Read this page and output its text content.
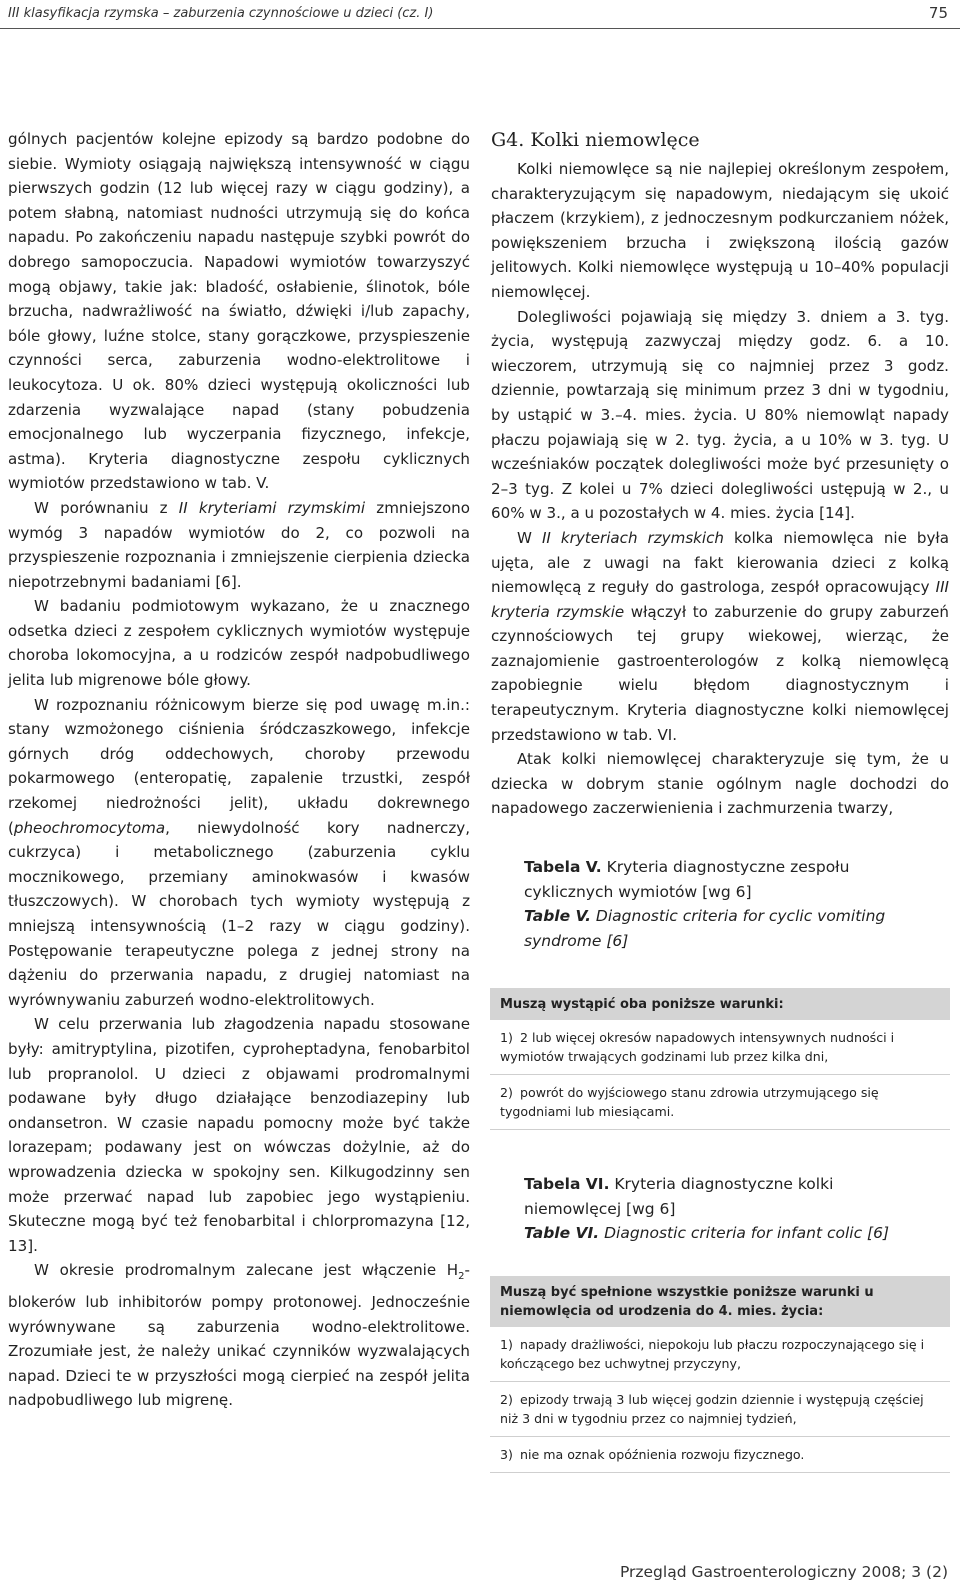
III klasyfikacja rzymska – zaburzenia czynnościowe u dzieci (cz. I)	75

gólnych pacjentów kolejne epizody są bardzo podobne do siebie. Wymioty osiągają największą intensywność w ciągu pierwszych godzin (12 lub więcej razy w ciągu godziny), a potem słabną, natomiast nudności utrzymują się do końca napadu. Po zakończeniu napadu następuje szybki powrót do dobrego samopoczucia. Napadowi wymiotów towarzyszyć mogą objawy, takie jak: bladość, osłabienie, ślinotok, bóle brzucha, nadwrażliwość na światło, dźwięki i/lub zapachy, bóle głowy, luźne stolce, stany gorączkowe, przyspieszenie czynności serca, zaburzenia wodno-elektrolitowe i leukocytoza. U ok. 80% dzieci występują okoliczności lub zdarzenia wyzwalające napad (stany pobudzenia emocjonalnego lub wyczerpania fizycznego, infekcje, astma). Kryteria diagnostyczne zespołu cyklicznych wymiotów przedstawiono w tab. V.

W porównaniu z II kryteriami rzymskimi zmniejszono wymóg 3 napadów wymiotów do 2, co pozwoli na przyspieszenie rozpoznania i zmniejszenie cierpienia dziecka niepotrzebnymi badaniami [6].

W badaniu podmiotowym wykazano, że u znacznego odsetka dzieci z zespołem cyklicznych wymiotów występuje choroba lokomocyjna, a u rodziców zespół nadpobudliwego jelita lub migrenowe bóle głowy.

W rozpoznaniu różnicowym bierze się pod uwagę m.in.: stany wzmożonego ciśnienia śródczaszkowego, infekcje górnych dróg oddechowych, choroby przewodu pokarmowego (enteropatię, zapalenie trzustki, zespół rzekomej niedrożności jelit), układu dokrewnego (pheochromocytoma, niewydolność kory nadnerczy, cukrzyca) i metabolicznego (zaburzenia cyklu mocznikowego, przemiany aminokwasów i kwasów tłuszczowych). W chorobach tych wymioty występują z mniejszą intensywnością (1–2 razy w ciągu godziny). Postępowanie terapeutyczne polega z jednej strony na dążeniu do przerwania napadu, z drugiej natomiast na wyrównywaniu zaburzeń wodno-elektrolitowych.

W celu przerwania lub złagodzenia napadu stosowane były: amitryptylina, pizotifen, cyproheptadyna, fenobarbitol lub propranolol. U dzieci z objawami prodromalnymi podawane były długo działające benzodiazepiny lub ondansetron. W czasie napadu pomocny może być także lorazepam; podawany jest on wówczas dożylnie, aż do wprowadzenia dziecka w spokojny sen. Kilkugodzinny sen może przerwać napad lub zapobiec jego wystąpieniu. Skuteczne mogą być też fenobarbital i chlorpromazyna [12, 13].

W okresie prodromalnym zalecane jest włączenie $H_2$-blokerów lub inhibitorów pompy protonowej. Jednocześnie wyrównywane są zaburzenia wodno-elektrolitowe. Zrozumiałe jest, że należy unikać czynników wyzwalających napad. Dzieci te w przyszłości mogą cierpieć na zespół jelita nadpobudliwego lub migrenę.

G4. Kolki niemowlęce

Kolki niemowlęce są nie najlepiej określonym zespołem, charakteryzującym się napadowym, niedającym się ukoić płaczem (krzykiem), z jednoczesnym podkurczaniem nóżek, powiększeniem brzucha i zwiększoną ilością gazów jelitowych. Kolki niemowlęce występują u 10–40% populacji niemowlęcej.

Dolegliwości pojawiają się między 3. dniem a 3. tyg. życia, występują zazwyczaj między godz. 6. a 10. wieczorem, utrzymują się co najmniej przez 3 godz. dziennie, powtarzają się minimum przez 3 dni w tygodniu, by ustąpić w 3.–4. mies. życia. U 80% niemowląt napady płaczu pojawiają się w 2. tyg. życia, a u 10% w 3. tyg. U wcześniaków początek dolegliwości może być przesunięty o 2–3 tyg. Z kolei u 7% dzieci dolegliwości ustępują w 2., u 60% w 3., a u pozostałych w 4. mies. życia [14].

W II kryteriach rzymskich kolka niemowlęca nie była ujęta, ale z uwagi na fakt kierowania dzieci z kolką niemowlęcą z reguły do gastrologa, zespół opracowujący III kryteria rzymskie włączył to zaburzenie do grupy zaburzeń czynnościowych tej grupy wiekowej, wierząc, że zaznajomienie gastroenterologów z kolką niemowlęcą zapobiegnie wielu błędom diagnostycznym i terapeutycznym. Kryteria diagnostyczne kolki niemowlęcej przedstawiono w tab. VI.

Atak kolki niemowlęcej charakteryzuje się tym, że u dziecka w dobrym stanie ogólnym nagle dochodzi do napadowego zaczerwienienia i zachmurzenia twarzy,

Tabela V. Kryteria diagnostyczne zespołu cyklicznych wymiotów [wg 6]
Table V. Diagnostic criteria for cyclic vomiting syndrome [6]
Muszą wystąpić oba poniższe warunki:
1) 2 lub więcej okresów napadowych intensywnych nudności i wymiotów trwających godzinami lub przez kilka dni,
2) powrót do wyjściowego stanu zdrowia utrzymującego się tygodniami lub miesiącami.
Tabela VI. Kryteria diagnostyczne kolki niemowlęcej [wg 6]
Table VI. Diagnostic criteria for infant colic [6]
Muszą być spełnione wszystkie poniższe warunki u niemowlęcia od urodzenia do 4. mies. życia:
1) napady drażliwości, niepokoju lub płaczu rozpoczynającego się i kończącego bez uchwytnej przyczyny,
2) epizody trwają 3 lub więcej godzin dziennie i występują częściej niż 3 dni w tygodniu przez co najmniej tydzień,
3) nie ma oznak opóźnienia rozwoju fizycznego.
Przegląd Gastroenterologiczny 2008; 3 (2)
